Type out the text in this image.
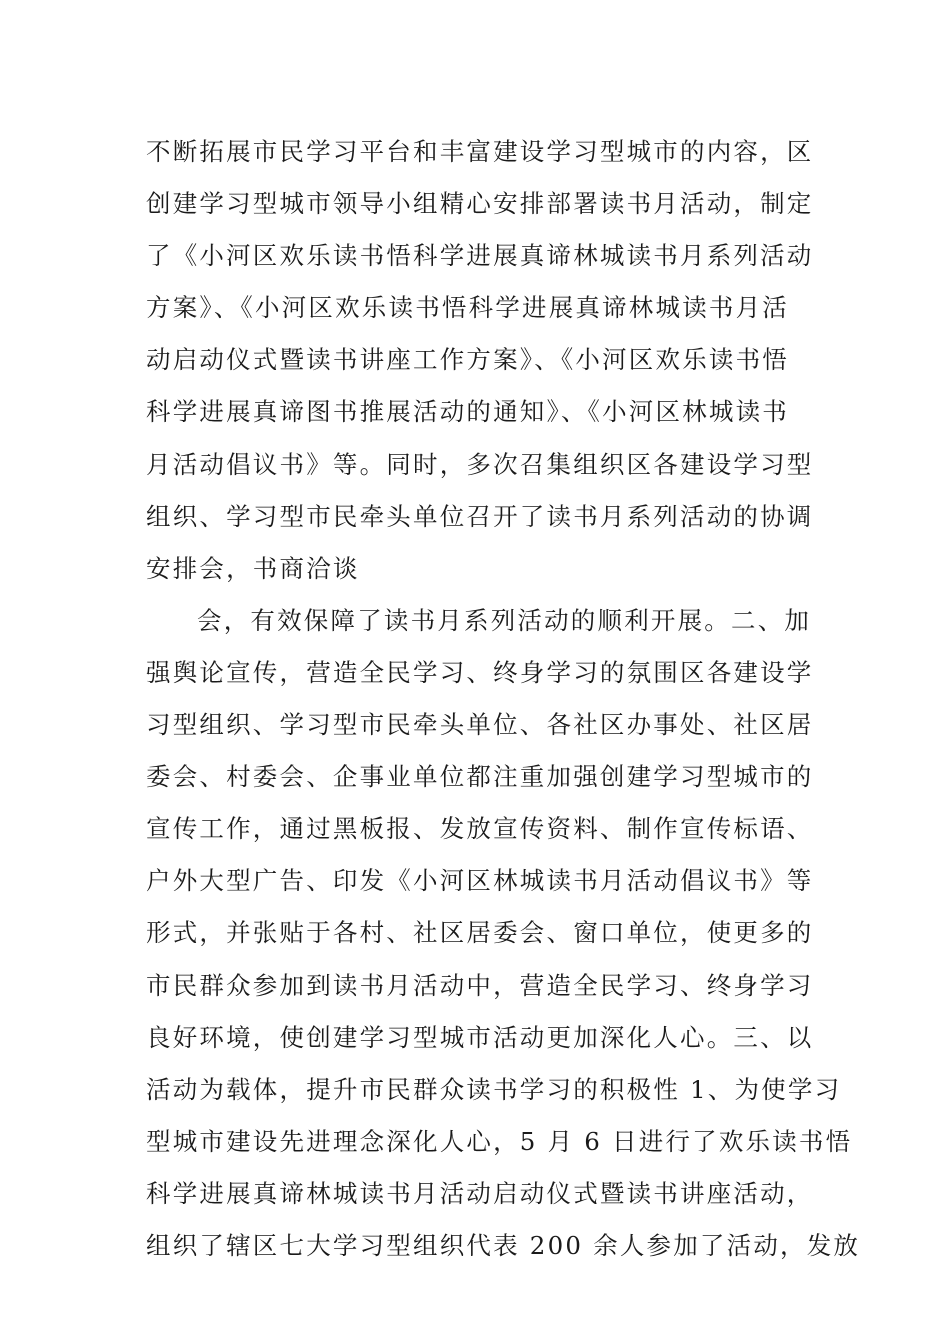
不断拓展市民学习平台和丰富建设学习型城市的内容，区
创建学习型城市领导小组精心安排部署读书月活动，制定
了《小河区欢乐读书悟科学进展真谛林城读书月系列活动
方案》、《小河区欢乐读书悟科学进展真谛林城读书月活
动启动仪式暨读书讲座工作方案》、《小河区欢乐读书悟
科学进展真谛图书推展活动的通知》、《小河区林城读书
月活动倡议书》等。同时，多次召集组织区各建设学习型
组织、学习型市民牵头单位召开了读书月系列活动的协调
安排会，书商洽谈
会，有效保障了读书月系列活动的顺利开展。二、加
强舆论宣传，营造全民学习、终身学习的氛围区各建设学
习型组织、学习型市民牵头单位、各社区办事处、社区居
委会、村委会、企事业单位都注重加强创建学习型城市的
宣传工作，通过黑板报、发放宣传资料、制作宣传标语、
户外大型广告、印发《小河区林城读书月活动倡议书》等
形式，并张贴于各村、社区居委会、窗口单位，使更多的
市民群众参加到读书月活动中，营造全民学习、终身学习
良好环境，使创建学习型城市活动更加深化人心。三、以
活动为载体，提升市民群众读书学习的积极性 1、为使学习
型城市建设先进理念深化人心，5 月 6 日进行了欢乐读书悟
科学进展真谛林城读书月活动启动仪式暨读书讲座活动，
组织了辖区七大学习型组织代表 200 余人参加了活动，发放
